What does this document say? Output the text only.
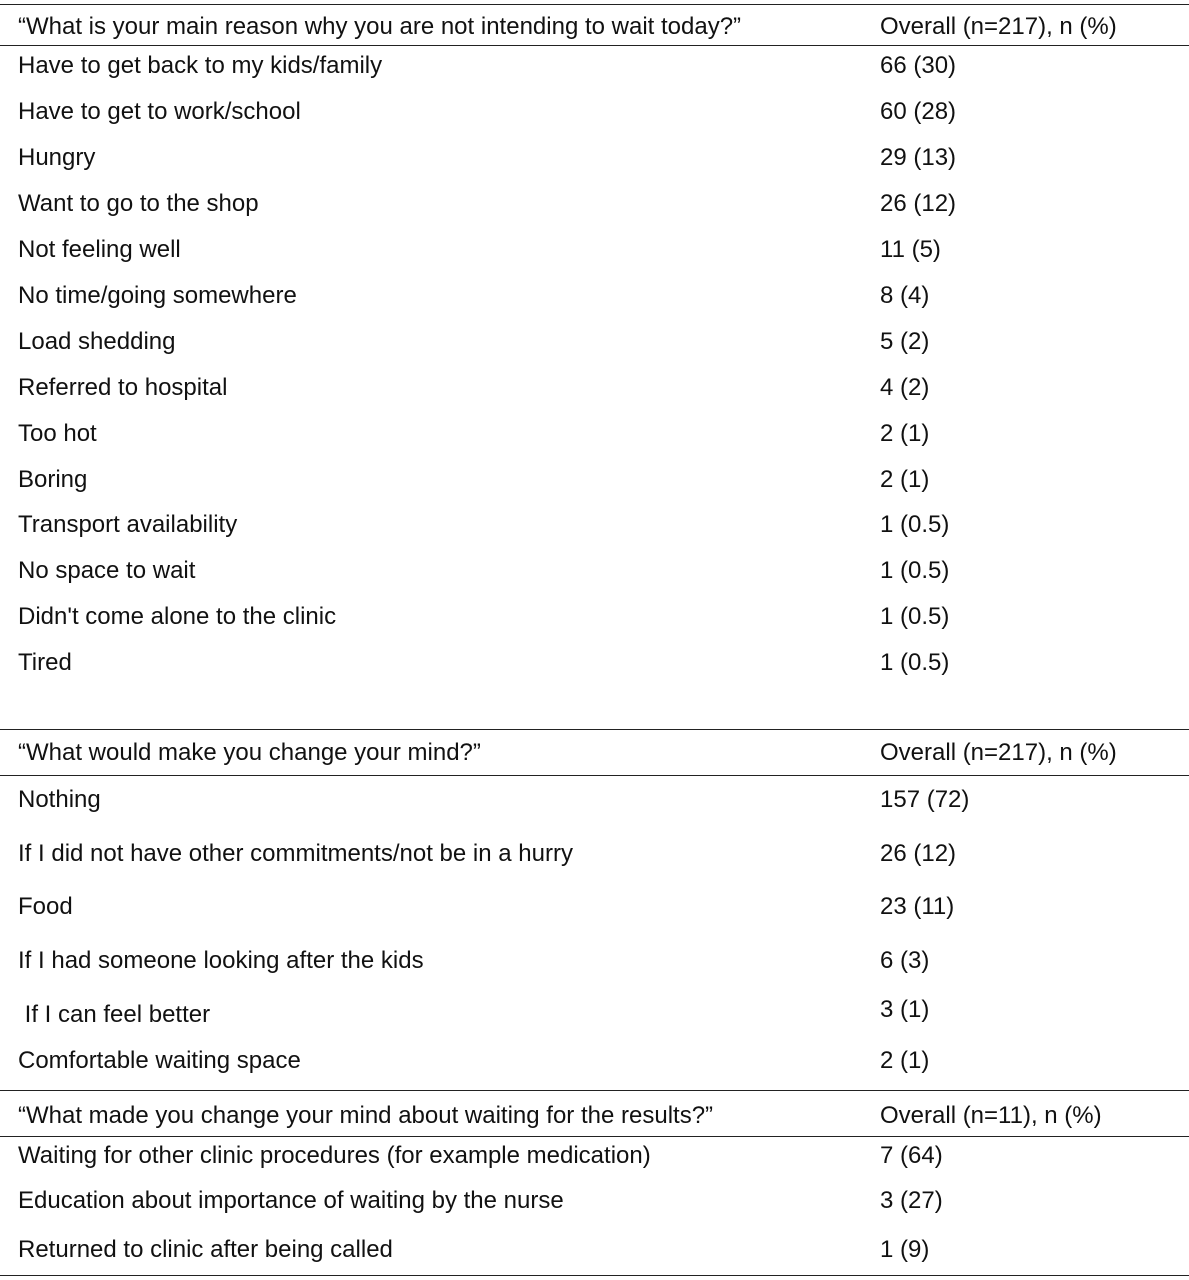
“What is your main reason why you are not intending to wait today?”	Overall (n=217), n (%)
Have to get back to my kids/family	66 (30)
Have to get to work/school	60 (28)
Hungry	29 (13)
Want to go to the shop	26 (12)
Not feeling well	11 (5)
No time/going somewhere	8 (4)
Load shedding	5 (2)
Referred to hospital	4 (2)
Too hot	2 (1)
Boring	2 (1)
Transport availability	1 (0.5)
No space to wait	1 (0.5)
Didn't come alone to the clinic	1 (0.5)
Tired	1 (0.5)
“What would make you change your mind?”	Overall (n=217), n (%)
Nothing	157 (72)
If I did not have other commitments/not be in a hurry	26 (12)
Food	23 (11)
If I had someone looking after the kids	6 (3)
If I can feel better	3 (1)
Comfortable waiting space	2 (1)
“What made you change your mind about waiting for the results?”	Overall (n=11), n (%)
Waiting for other clinic procedures (for example medication)	7 (64)
Education about importance of waiting by the nurse	3 (27)
Returned to clinic after being called	1 (9)
